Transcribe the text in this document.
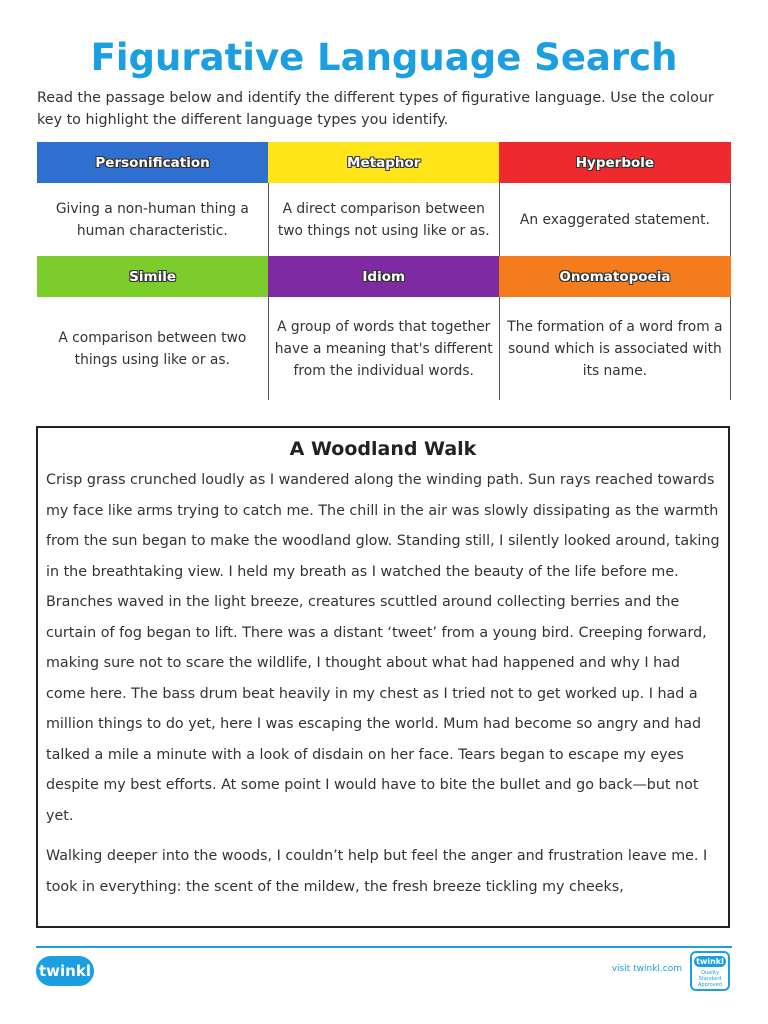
Figurative Language Search

Read the passage below and identify the different types of figurative language. Use the colour key to highlight the different language types you identify.

Personification	Metaphor	Hyperbole
Giving a non-human thing a human characteristic.	A direct comparison between two things not using like or as.	An exaggerated statement.
Simile	Idiom	Onomatopoeia
A comparison between two things using like or as.	A group of words that together have a meaning that's different from the individual words.	The formation of a word from a sound which is associated with its name.
A Woodland Walk

Crisp grass crunched loudly as I wandered along the winding path. Sun rays reached towards my face like arms trying to catch me. The chill in the air was slowly dissipating as the warmth from the sun began to make the woodland glow. Standing still, I silently looked around, taking in the breathtaking view. I held my breath as I watched the beauty of the life before me. Branches waved in the light breeze, creatures scuttled around collecting berries and the curtain of fog began to lift. There was a distant ‘tweet’ from a young bird. Creeping forward, making sure not to scare the wildlife, I thought about what had happened and why I had come here. The bass drum beat heavily in my chest as I tried not to get worked up. I had a million things to do yet, here I was escaping the world. Mum had become so angry and had talked a mile a minute with a look of disdain on her face. Tears began to escape my eyes despite my best efforts. At some point I would have to bite the bullet and go back—but not yet.

Walking deeper into the woods, I couldn’t help but feel the anger and frustration leave me. I took in everything: the scent of the mildew, the fresh breeze tickling my cheeks,

twinkl	visit twinkl.com
twinkl
Quality Standard Approved
